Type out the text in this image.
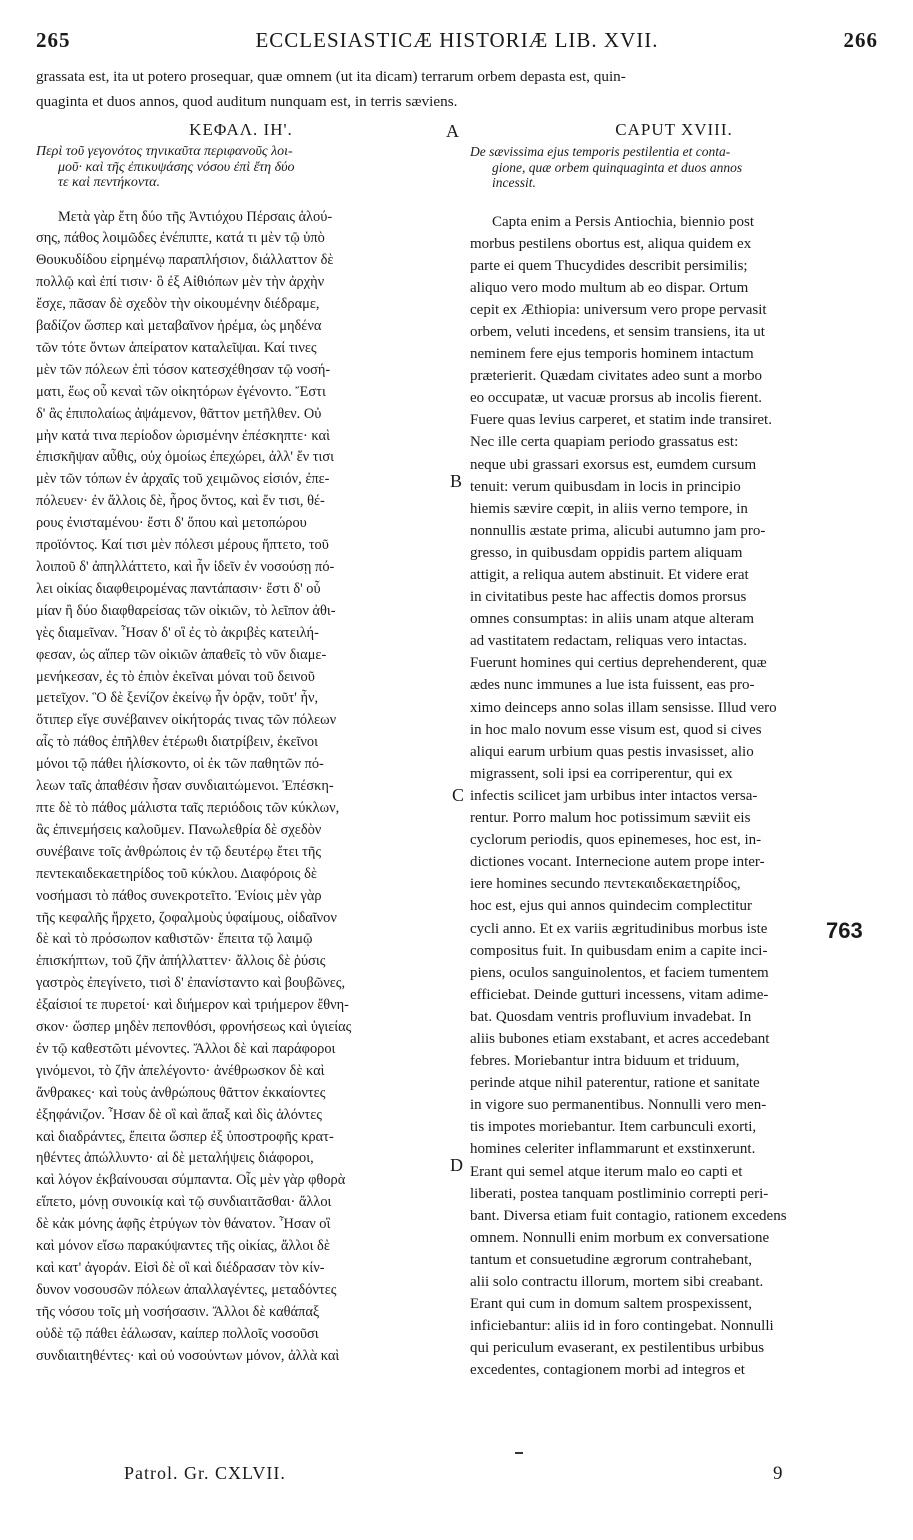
265	ECCLESIASTICÆ HISTORIÆ LIB. XVII.	266
grassata est, ita ut potero prosequar, quæ omnem (ut ita dicam) terrarum orbem depasta est, quin-
quaginta et duos annos, quod auditum nunquam est, in terris sæviens.
ΚΕΦΑΛ. ΙΗ'.
Περὶ τοῦ γεγονότος τηνικαῦτα περιφανοῦς λοι-
μοῦ· καὶ τῆς ἐπικυψάσης νόσου ἐπὶ ἔτη δύο
τε καὶ πεντήκοντα.
Μετὰ γὰρ ἔτη δύο τῆς Ἀντιόχου Πέρσαις ἁλού-
σης, πάθος λοιμῶδες ἐνέπιπτε, κατά τι μὲν τῷ ὑπὸ
Θουκυδίδου εἰρημένῳ παραπλήσιον, διάλλαττον δὲ
πολλῷ καὶ ἐπί τισιν· ὃ ἐξ Αἰθιόπων μὲν τὴν ἀρχὴν
ἔσχε, πᾶσαν δὲ σχεδὸν τὴν οἰκουμένην διέδραμε,
βαδίζον ὥσπερ καὶ μεταβαῖνον ἠρέμα, ὡς μηδένα
τῶν τότε ὄντων ἀπείρατον καταλεῖψαι. Καί τινες
μὲν τῶν πόλεων ἐπὶ τόσον κατεσχέθησαν τῷ νοσή-
ματι, ἕως οὗ κεναὶ τῶν οἰκητόρων ἐγένοντο. Ἔστι
δ' ἃς ἐπιπολαίως ἀψάμενον, θᾶττον μετῆλθεν. Οὐ
μὴν κατά τινα περίοδον ὡρισμένην ἐπέσκηπτε· καὶ
ἐπισκῆψαν αὖθις, οὐχ ὁμοίως ἐπεχώρει, ἀλλ' ἔν τισι
μὲν τῶν τόπων ἐν ἀρχαῖς τοῦ χειμῶνος εἰσιόν, ἐπε-
πόλευεν· ἐν ἄλλοις δὲ, ἦρος ὄντος, καὶ ἔν τισι, θέ-
ρους ἐνισταμένου· ἔστι δ' ὅπου καὶ μετοπώρου
προϊόντος. Καί τισι μὲν πόλεσι μέρους ἥπτετο, τοῦ
λοιποῦ δ' ἀπηλλάττετο, καὶ ἦν ἰδεῖν ἐν νοσούσῃ πό-
λει οἰκίας διαφθειρομένας παντάπασιν· ἔστι δ' οὗ
μίαν ἢ δύο διαφθαρείσας τῶν οἰκιῶν, τὸ λεῖπον ἀθι-
γὲς διαμεῖναν. Ἦσαν δ' οἳ ἐς τὸ ἀκριβὲς κατειλή-
φεσαν, ὡς αἵπερ τῶν οἰκιῶν ἀπαθεῖς τὸ νῦν διαμε-
μενήκεσαν, ἐς τὸ ἐπιὸν ἐκεῖναι μόναι τοῦ δεινοῦ
μετεῖχον. Ὃ δὲ ξενίζον ἐκείνῳ ἦν ὁρᾷν, τοῦτ' ἦν,
ὅτιπερ εἴγε συνέβαινεν οἰκήτοράς τινας τῶν πόλεων
αἷς τὸ πάθος ἐπῆλθεν ἑτέρωθι διατρίβειν, ἐκεῖνοι
μόνοι τῷ πάθει ἡλίσκοντο, οἱ ἐκ τῶν παθητῶν πό-
λεων ταῖς ἀπαθέσιν ἦσαν συνδιαιτώμενοι. Ἐπέσκη-
πτε δὲ τὸ πάθος μάλιστα ταῖς περιόδοις τῶν κύκλων,
ἃς ἐπινεμήσεις καλοῦμεν. Πανωλεθρία δὲ σχεδὸν
συνέβαινε τοῖς ἀνθρώποις ἐν τῷ δευτέρῳ ἔτει τῆς
πεντεκαιδεκαετηρίδος τοῦ κύκλου. Διαφόροις δὲ
νοσήμασι τὸ πάθος συνεκροτεῖτο. Ἐνίοις μὲν γὰρ
τῆς κεφαλῆς ἤρχετο, ζοφαλμοὺς ὑφαίμους, οἰδαῖνον
δὲ καὶ τὸ πρόσωπον καθιστῶν· ἔπειτα τῷ λαιμῷ
ἐπισκήπτων, τοῦ ζῆν ἀπήλλαττεν· ἄλλοις δὲ ῥύσις
γαστρὸς ἐπεγίνετο, τισὶ δ' ἐπανίσταντο καὶ βουβῶνες,
ἐξαίσιοί τε πυρετοί· καὶ διήμερον καὶ τριήμερον ἔθνη-
σκον· ὥσπερ μηδὲν πεπονθόσι, φρονήσεως καὶ ὑγιείας
ἐν τῷ καθεστῶτι μένοντες. Ἄλλοι δὲ καὶ παράφοροι
γινόμενοι, τὸ ζῆν ἀπελέγοντο· ἀνέθρωσκον δὲ καὶ
ἄνθρακες· καὶ τοὺς ἀνθρώπους θᾶττον ἐκκαίοντες
ἐξηφάνιζον. Ἦσαν δὲ οἳ καὶ ἅπαξ καὶ δὶς ἁλόντες
καὶ διαδράντες, ἔπειτα ὥσπερ ἐξ ὑποστροφῆς κρατ-
ηθέντες ἀπώλλυντο· αἱ δὲ μεταλήψεις διάφοροι,
καὶ λόγον ἐκβαίνουσαι σύμπαντα. Οἷς μὲν γὰρ φθορὰ
εἵπετο, μόνῃ συνοικίᾳ καὶ τῷ συνδιαιτᾶσθαι· ἄλλοι
δὲ κἀκ μόνης ἁφῆς ἐτρύγων τὸν θάνατον. Ἦσαν οἳ
καὶ μόνον εἴσω παρακύψαντες τῆς οἰκίας, ἄλλοι δὲ
καὶ κατ' ἀγοράν. Εἰσὶ δὲ οἳ καὶ διέδρασαν τὸν κίν-
δυνον νοσουσῶν πόλεων ἀπαλλαγέντες, μεταδόντες
τῆς νόσου τοῖς μὴ νοσήσασιν. Ἄλλοι δὲ καθάπαξ
οὐδὲ τῷ πάθει ἑάλωσαν, καίπερ πολλοῖς νοσοῦσι
συνδιαιτηθέντες· καὶ οὐ νοσούντων μόνον, ἀλλὰ καὶ
CAPUT XVIII.
De sævissima ejus temporis pestilentia et conta-
gione, quæ orbem quinquaginta et duos annos
incessit.
Capta enim a Persis Antiochia, biennio post
morbus pestilens obortus est, aliqua quidem ex
parte ei quem Thucydides describit persimilis;
aliquo vero modo multum ab eo dispar. Ortum
cepit ex Æthiopia: universum vero prope pervasit
orbem, veluti incedens, et sensim transiens, ita ut
neminem fere ejus temporis hominem intactum
præterierit. Quædam civitates adeo sunt a morbo
eo occupatæ, ut vacuæ prorsus ab incolis fierent.
Fuere quas levius carperet, et statim inde transiret.
Nec ille certa quapiam periodo grassatus est:
neque ubi grassari exorsus est, eumdem cursum
tenuit: verum quibusdam in locis in principio
hiemis sævire cœpit, in aliis verno tempore, in
nonnullis æstate prima, alicubi autumno jam pro-
gresso, in quibusdam oppidis partem aliquam
attigit, a reliqua autem abstinuit. Et videre erat
in civitatibus peste hac affectis domos prorsus
omnes consumptas: in aliis unam atque alteram
ad vastitatem redactam, reliquas vero intactas.
Fuerunt homines qui certius deprehenderent, quæ
ædes nunc immunes a lue ista fuissent, eas pro-
ximo deinceps anno solas illam sensisse. Illud vero
in hoc malo novum esse visum est, quod si cives
aliqui earum urbium quas pestis invasisset, alio
migrassent, soli ipsi ea corriperentur, qui ex
infectis scilicet jam urbibus inter intactos versa-
rentur. Porro malum hoc potissimum sæviit eis
cyclorum periodis, quos epinemeses, hoc est, in-
dictiones vocant. Internecione autem prope inter-
iere homines secundo πεντεκαιδεκαετηρίδος,
hoc est, ejus qui annos quindecim complectitur
cycli anno. Et ex variis ægritudinibus morbus iste
compositus fuit. In quibusdam enim a capite inci-
piens, oculos sanguinolentos, et faciem tumentem
efficiebat. Deinde gutturi incessens, vitam adime-
bat. Quosdam ventris profluvium invadebat. In
aliis bubones etiam exstabant, et acres accedebant
febres. Moriebantur intra biduum et triduum,
perinde atque nihil paterentur, ratione et sanitate
in vigore suo permanentibus. Nonnulli vero men-
tis impotes moriebantur. Item carbunculi exorti,
homines celeriter inflammarunt et exstinxerunt.
Erant qui semel atque iterum malo eo capti et
liberati, postea tanquam postliminio correpti peri-
bant. Diversa etiam fuit contagio, rationem excedens
omnem. Nonnulli enim morbum ex conversatione
tantum et consuetudine ægrorum contrahebant,
alii solo contractu illorum, mortem sibi creabant.
Erant qui cum in domum saltem prospexissent,
inficiebantur: aliis id in foro contingebat. Nonnulli
qui periculum evaserant, ex pestilentibus urbibus
excedentes, contagionem morbi ad integros et
A
B
C
D
763
Patrol. Gr. CXLVII.	9
